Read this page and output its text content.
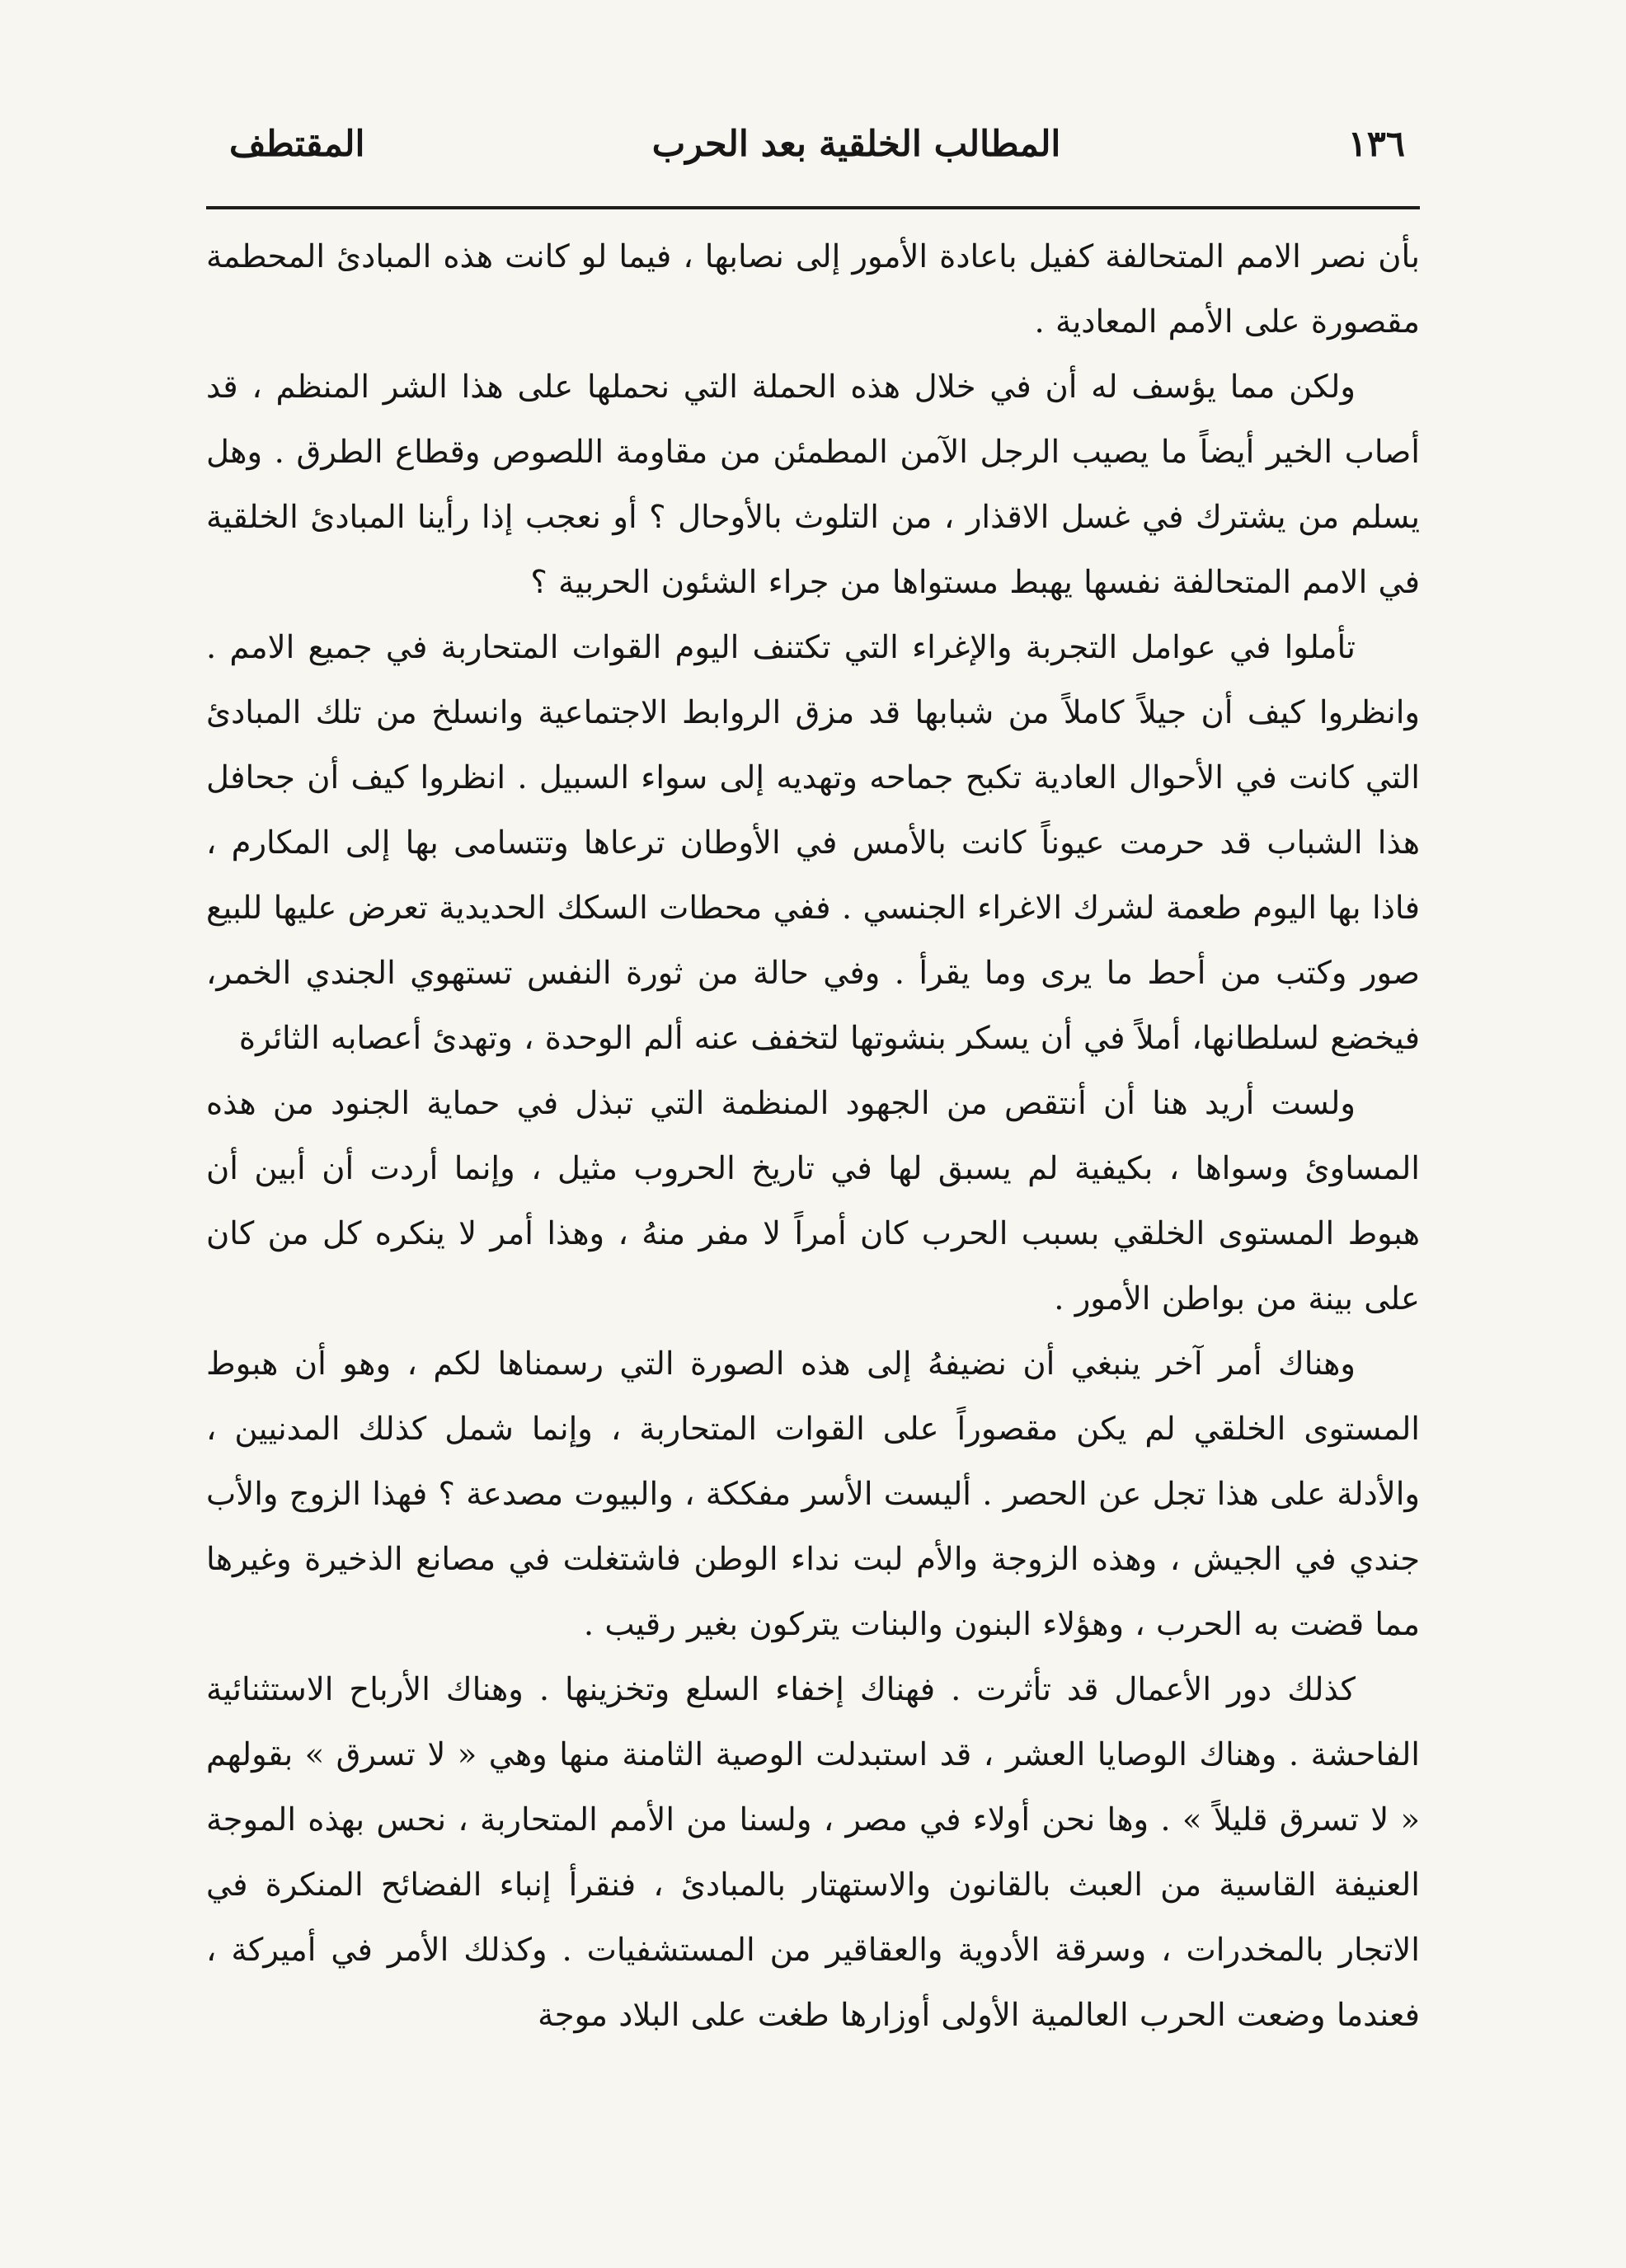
١٣٦
المطالب الخلقية بعد الحرب
المقتطف

بأن نصر الامم المتحالفة كفيل باعادة الأمور إلى نصابها ، فيما لو كانت هذه المبادئ المحطمة مقصورة على الأمم المعادية .

ولكن مما يؤسف له أن في خلال هذه الحملة التي نحملها على هذا الشر المنظم ، قد أصاب الخير أيضاً ما يصيب الرجل الآمن المطمئن من مقاومة اللصوص وقطاع الطرق . وهل يسلم من يشترك في غسل الاقذار ، من التلوث بالأوحال ؟ أو نعجب إذا رأينا المبادئ الخلقية في الامم المتحالفة نفسها يهبط مستواها من جراء الشئون الحربية ؟

تأملوا في عوامل التجربة والإغراء التي تكتنف اليوم القوات المتحاربة في جميع الامم . وانظروا كيف أن جيلاً كاملاً من شبابها قد مزق الروابط الاجتماعية وانسلخ من تلك المبادئ التي كانت في الأحوال العادية تكبح جماحه وتهديه إلى سواء السبيل . انظروا كيف أن جحافل هذا الشباب قد حرمت عيوناً كانت بالأمس في الأوطان ترعاها وتتسامى بها إلى المكارم ، فاذا بها اليوم طعمة لشرك الاغراء الجنسي . ففي محطات السكك الحديدية تعرض عليها للبيع صور وكتب من أحط ما يرى وما يقرأ . وفي حالة من ثورة النفس تستهوي الجندي الخمر، فيخضع لسلطانها، أملاً في أن يسكر بنشوتها لتخفف عنه ألم الوحدة ، وتهدئ أعصابه الثائرة

ولست أريد هنا أن أنتقص من الجهود المنظمة التي تبذل في حماية الجنود من هذه المساوئ وسواها ، بكيفية لم يسبق لها في تاريخ الحروب مثيل ، وإنما أردت أن أبين أن هبوط المستوى الخلقي بسبب الحرب كان أمراً لا مفر منهُ ، وهذا أمر لا ينكره كل من كان على بينة من بواطن الأمور .

وهناك أمر آخر ينبغي أن نضيفهُ إلى هذه الصورة التي رسمناها لكم ، وهو أن هبوط المستوى الخلقي لم يكن مقصوراً على القوات المتحاربة ، وإنما شمل كذلك المدنيين ، والأدلة على هذا تجل عن الحصر . أليست الأسر مفككة ، والبيوت مصدعة ؟ فهذا الزوج والأب جندي في الجيش ، وهذه الزوجة والأم لبت نداء الوطن فاشتغلت في مصانع الذخيرة وغيرها مما قضت به الحرب ، وهؤلاء البنون والبنات يتركون بغير رقيب .

كذلك دور الأعمال قد تأثرت . فهناك إخفاء السلع وتخزينها . وهناك الأرباح الاستثنائية الفاحشة . وهناك الوصايا العشر ، قد استبدلت الوصية الثامنة منها وهي « لا تسرق » بقولهم « لا تسرق قليلاً » . وها نحن أولاء في مصر ، ولسنا من الأمم المتحاربة ، نحس بهذه الموجة العنيفة القاسية من العبث بالقانون والاستهتار بالمبادئ ، فنقرأ إنباء الفضائح المنكرة في الاتجار بالمخدرات ، وسرقة الأدوية والعقاقير من المستشفيات . وكذلك الأمر في أميركة ، فعندما وضعت الحرب العالمية الأولى أوزارها طغت على البلاد موجة
